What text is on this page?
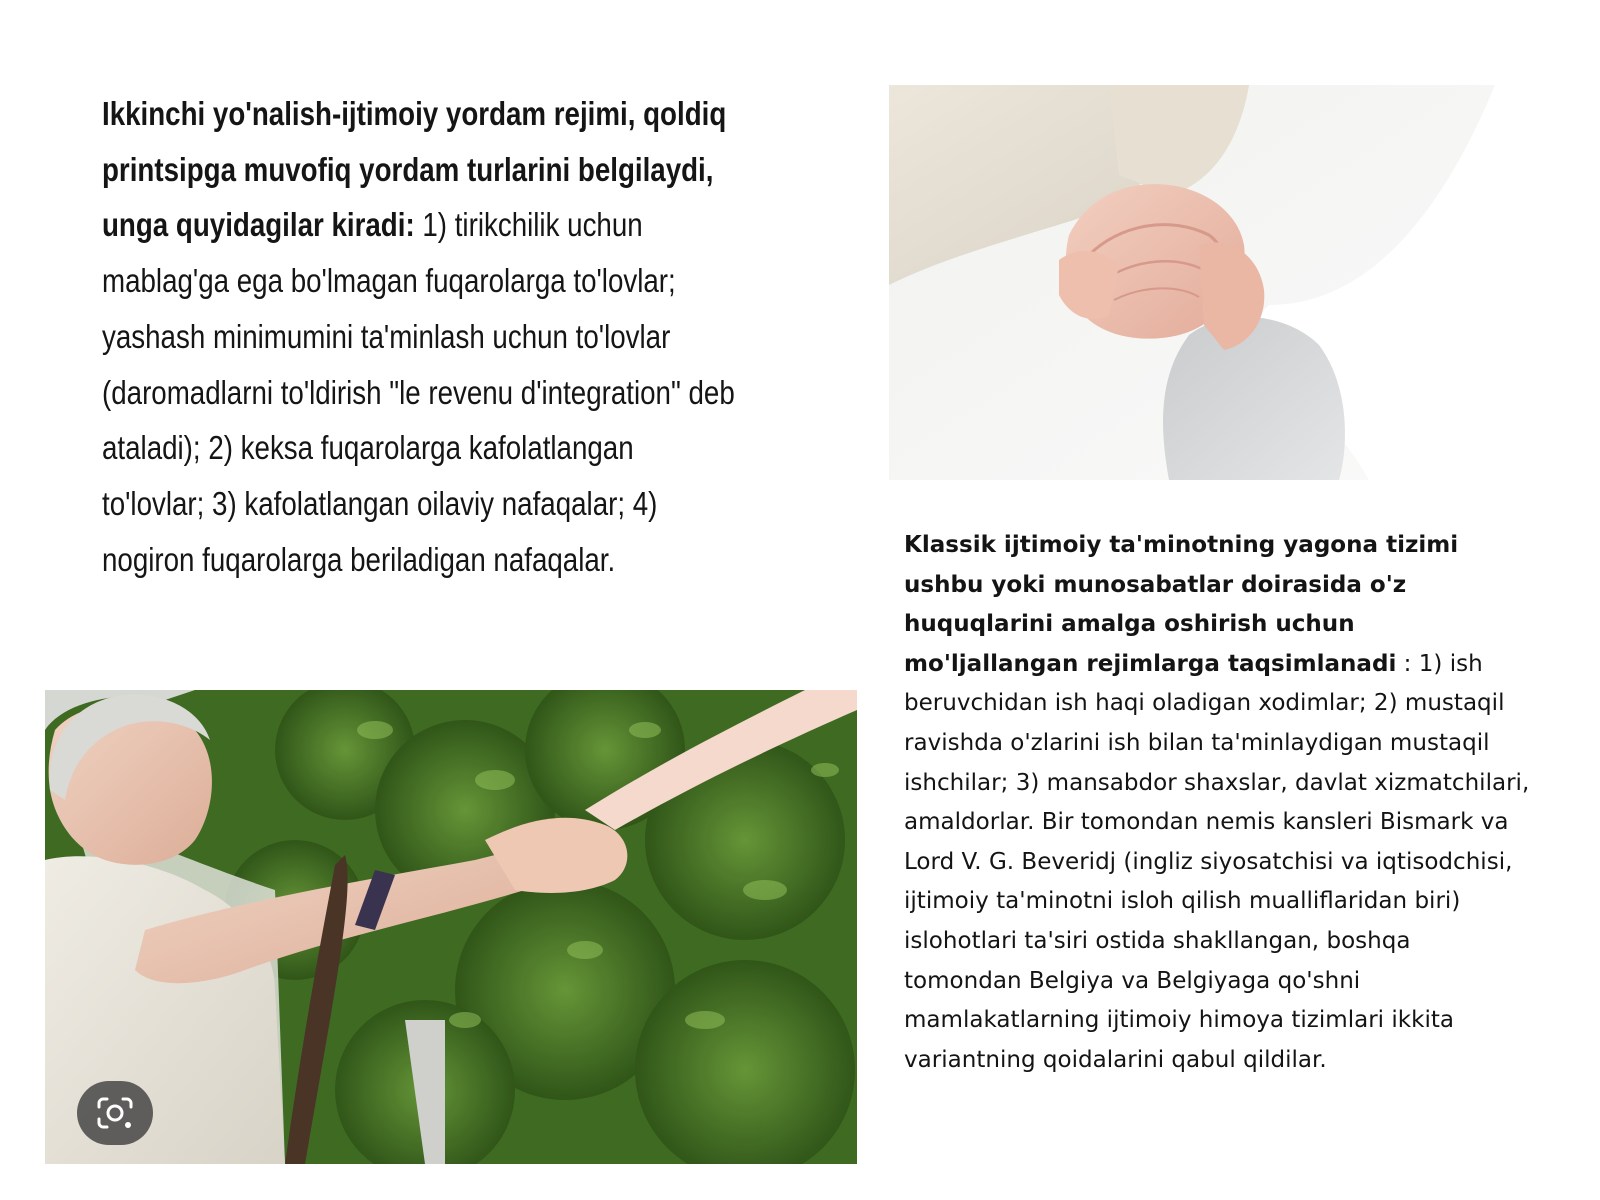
Ikkinchi yo'nalish-ijtimoiy yordam rejimi, qoldiq printsipga muvofiq yordam turlarini belgilaydi, unga quyidagilar kiradi: 1) tirikchilik uchun mablag'ga ega bo'lmagan fuqarolarga to'lovlar; yashash minimumini ta'minlash uchun to'lovlar (daromadlarni to'ldirish "le revenu d'integration" deb ataladi); 2) keksa fuqarolarga kafolatlangan to'lovlar; 3) kafolatlangan oilaviy nafaqalar; 4) nogiron fuqarolarga beriladigan nafaqalar.	Klassik ijtimoiy ta'minotning yagona tizimi ushbu yoki munosabatlar doirasida o'z huquqlarini amalga oshirish uchun mo'ljallangan rejimlarga taqsimlanadi : 1) ish beruvchidan ish haqi oladigan xodimlar; 2) mustaqil ravishda o'zlarini ish bilan ta'minlaydigan mustaqil ishchilar; 3) mansabdor shaxslar, davlat xizmatchilari, amaldorlar. Bir tomondan nemis kansleri Bismark va Lord V. G. Beveridj (ingliz siyosatchisi va iqtisodchisi, ijtimoiy ta'minotni isloh qilish mualliflaridan biri) islohotlari ta'siri ostida shakllangan, boshqa tomondan Belgiya va Belgiyaga qo'shni mamlakatlarning ijtimoiy himoya tizimlari ikkita variantning qoidalarini qabul qildilar.
